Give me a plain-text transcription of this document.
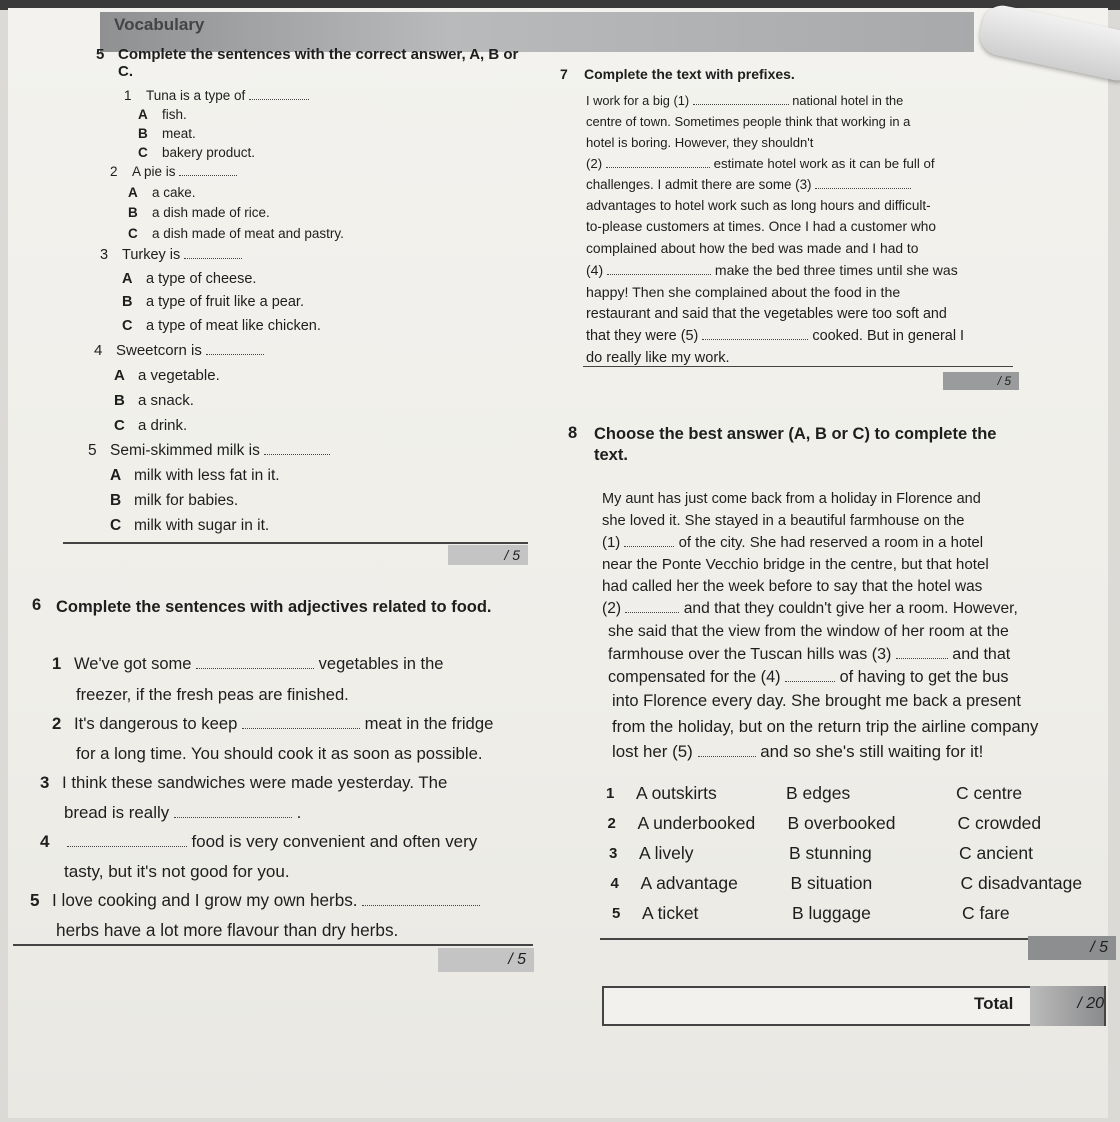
Vocabulary
5 Complete the sentences with the correct answer, A, B or C.
1 Tuna is a type of
A fish.
B meat.
C bakery product.
2 A pie is
A a cake.
B a dish made of rice.
C a dish made of meat and pastry.
3 Turkey is
A a type of cheese.
B a type of fruit like a pear.
C a type of meat like chicken.
4 Sweetcorn is
A a vegetable.
B a snack.
C a drink.
5 Semi-skimmed milk is
A milk with less fat in it.
B milk for babies.
C milk with sugar in it.
/ 5
6 Complete the sentences with adjectives related to food.
1 We've got some	vegetables in the
freezer, if the fresh peas are finished.
2 It's dangerous to keep	meat in the fridge
for a long time. You should cook it as soon as possible.
3 I think these sandwiches were made yesterday. The
bread is really	.
4	food is very convenient and often very
tasty, but it's not good for you.
5 I love cooking and I grow my own herbs.
herbs have a lot more flavour than dry herbs.
/ 5
7 Complete the text with prefixes.
I work for a big (1)	national hotel in the
centre of town. Sometimes people think that working in a
hotel is boring. However, they shouldn't
(2)	estimate hotel work as it can be full of
challenges. I admit there are some (3)
advantages to hotel work such as long hours and difficult-
to-please customers at times. Once I had a customer who
complained about how the bed was made and I had to
(4)	make the bed three times until she was
happy! Then she complained about the food in the
restaurant and said that the vegetables were too soft and
that they were (5)	cooked. But in general I
do really like my work.
/ 5
8 Choose the best answer (A, B or C) to complete the text.
My aunt has just come back from a holiday in Florence and
she loved it. She stayed in a beautiful farmhouse on the
(1)	of the city. She had reserved a room in a hotel
near the Ponte Vecchio bridge in the centre, but that hotel
had called her the week before to say that the hotel was
(2)	and that they couldn't give her a room. However,
she said that the view from the window of her room at the
farmhouse over the Tuscan hills was (3)	and that
compensated for the (4)	of having to get the bus
into Florence every day. She brought me back a present
from the holiday, but on the return trip the airline company
lost her (5)	and so she's still waiting for it!
1 A outskirts	B edges	C centre
2 A underbooked B overbooked	C crowded
3 A lively	B stunning	C ancient
4 A advantage	B situation	C disadvantage
5 A ticket	B luggage	C fare
/ 5
Total	/ 20
